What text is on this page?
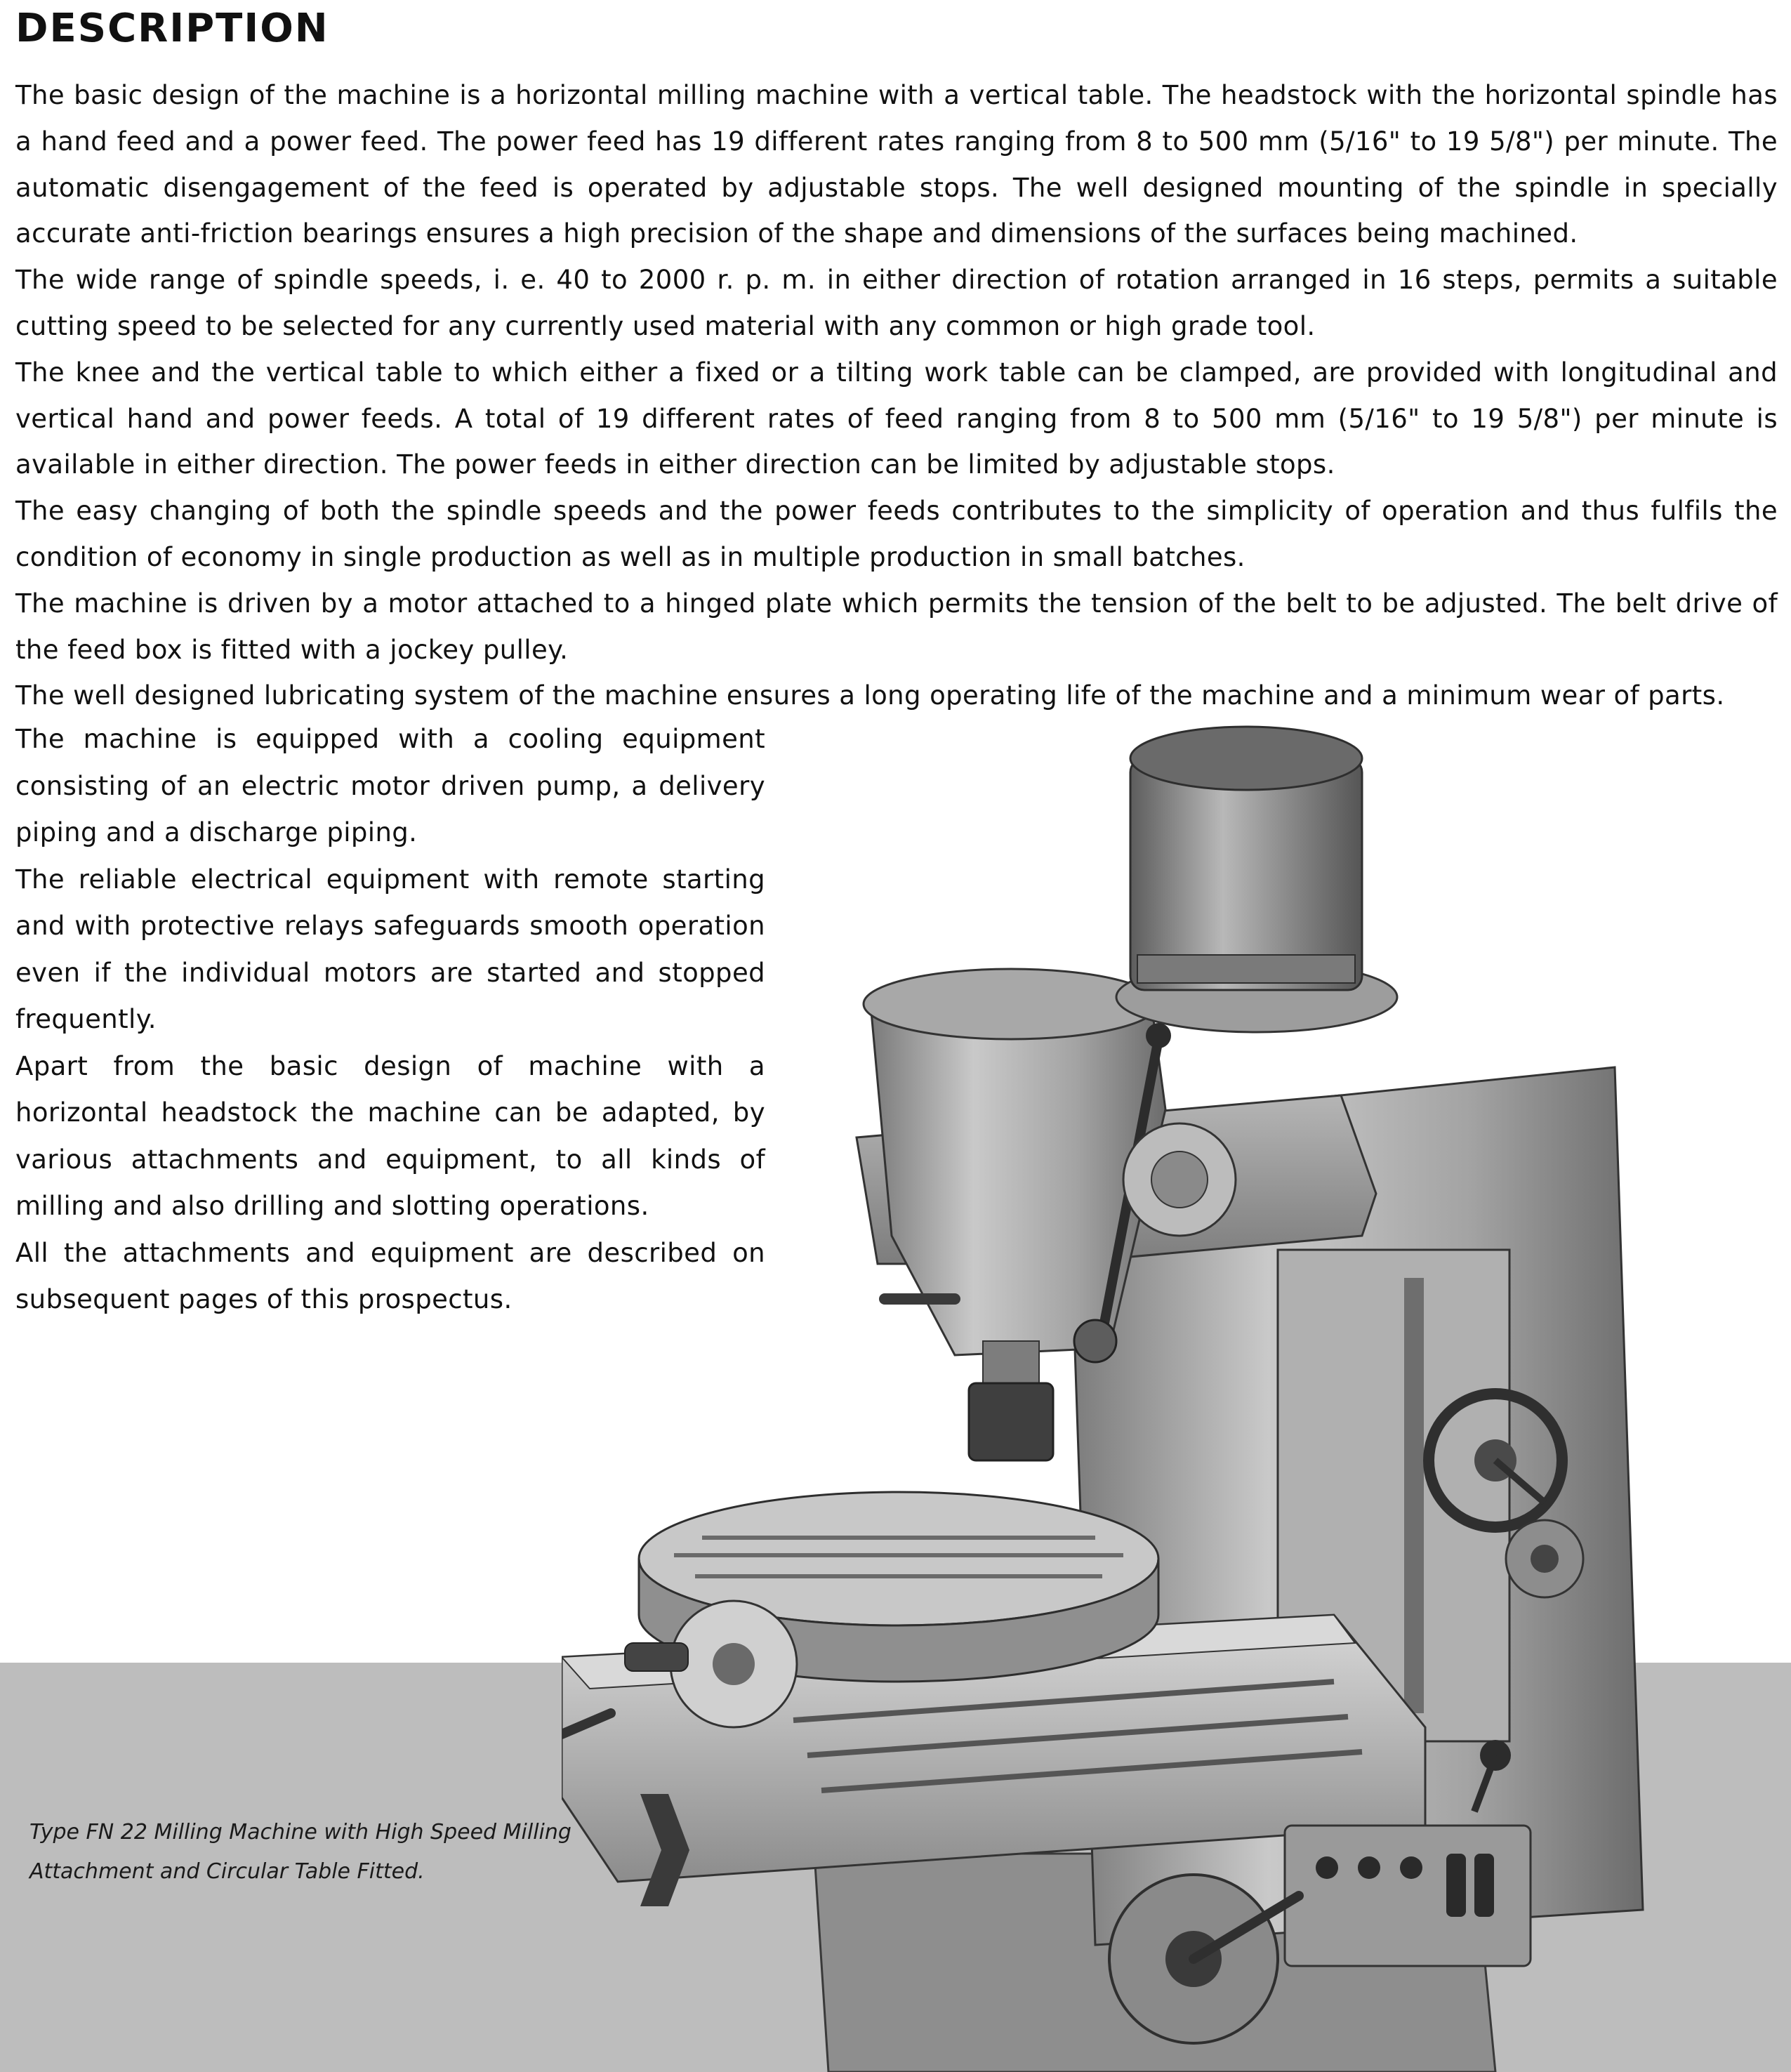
DESCRIPTION

The basic design of the machine is a horizontal milling machine with a vertical table. The headstock with the horizontal spindle has a hand feed and a power feed. The power feed has 19 different rates ranging from 8 to 500 mm (5/16" to 19 5/8") per minute. The automatic disengagement of the feed is operated by adjustable stops. The well designed mounting of the spindle in specially accurate anti-friction bearings ensures a high precision of the shape and dimensions of the surfaces being machined.

The wide range of spindle speeds, i. e. 40 to 2000 r. p. m. in either direction of rotation arranged in 16 steps, permits a suitable cutting speed to be selected for any currently used material with any common or high grade tool.

The knee and the vertical table to which either a fixed or a tilting work table can be clamped, are provided with longitudinal and vertical hand and power feeds. A total of 19 different rates of feed ranging from 8 to 500 mm (5/16" to 19 5/8") per minute is available in either direction. The power feeds in either direction can be limited by adjustable stops.

The easy changing of both the spindle speeds and the power feeds contributes to the simplicity of operation and thus fulfils the condition of economy in single production as well as in multiple production in small batches.

The machine is driven by a motor attached to a hinged plate which permits the tension of the belt to be adjusted. The belt drive of the feed box is fitted with a jockey pulley.

The well designed lubricating system of the machine ensures a long operating life of the machine and a minimum wear of parts.

The machine is equipped with a cooling equipment consisting of an electric motor driven pump, a delivery piping and a discharge piping.

The reliable electrical equipment with remote starting and with protective relays safeguards smooth operation even if the individual motors are started and stopped frequently.

Apart from the basic design of machine with a horizontal headstock the machine can be adapted, by various attachments and equipment, to all kinds of milling and also drilling and slotting operations.

All the attachments and equipment are described on subsequent pages of this prospectus.

Type FN 22 Milling Machine with High Speed Milling
Attachment and Circular Table Fitted.
